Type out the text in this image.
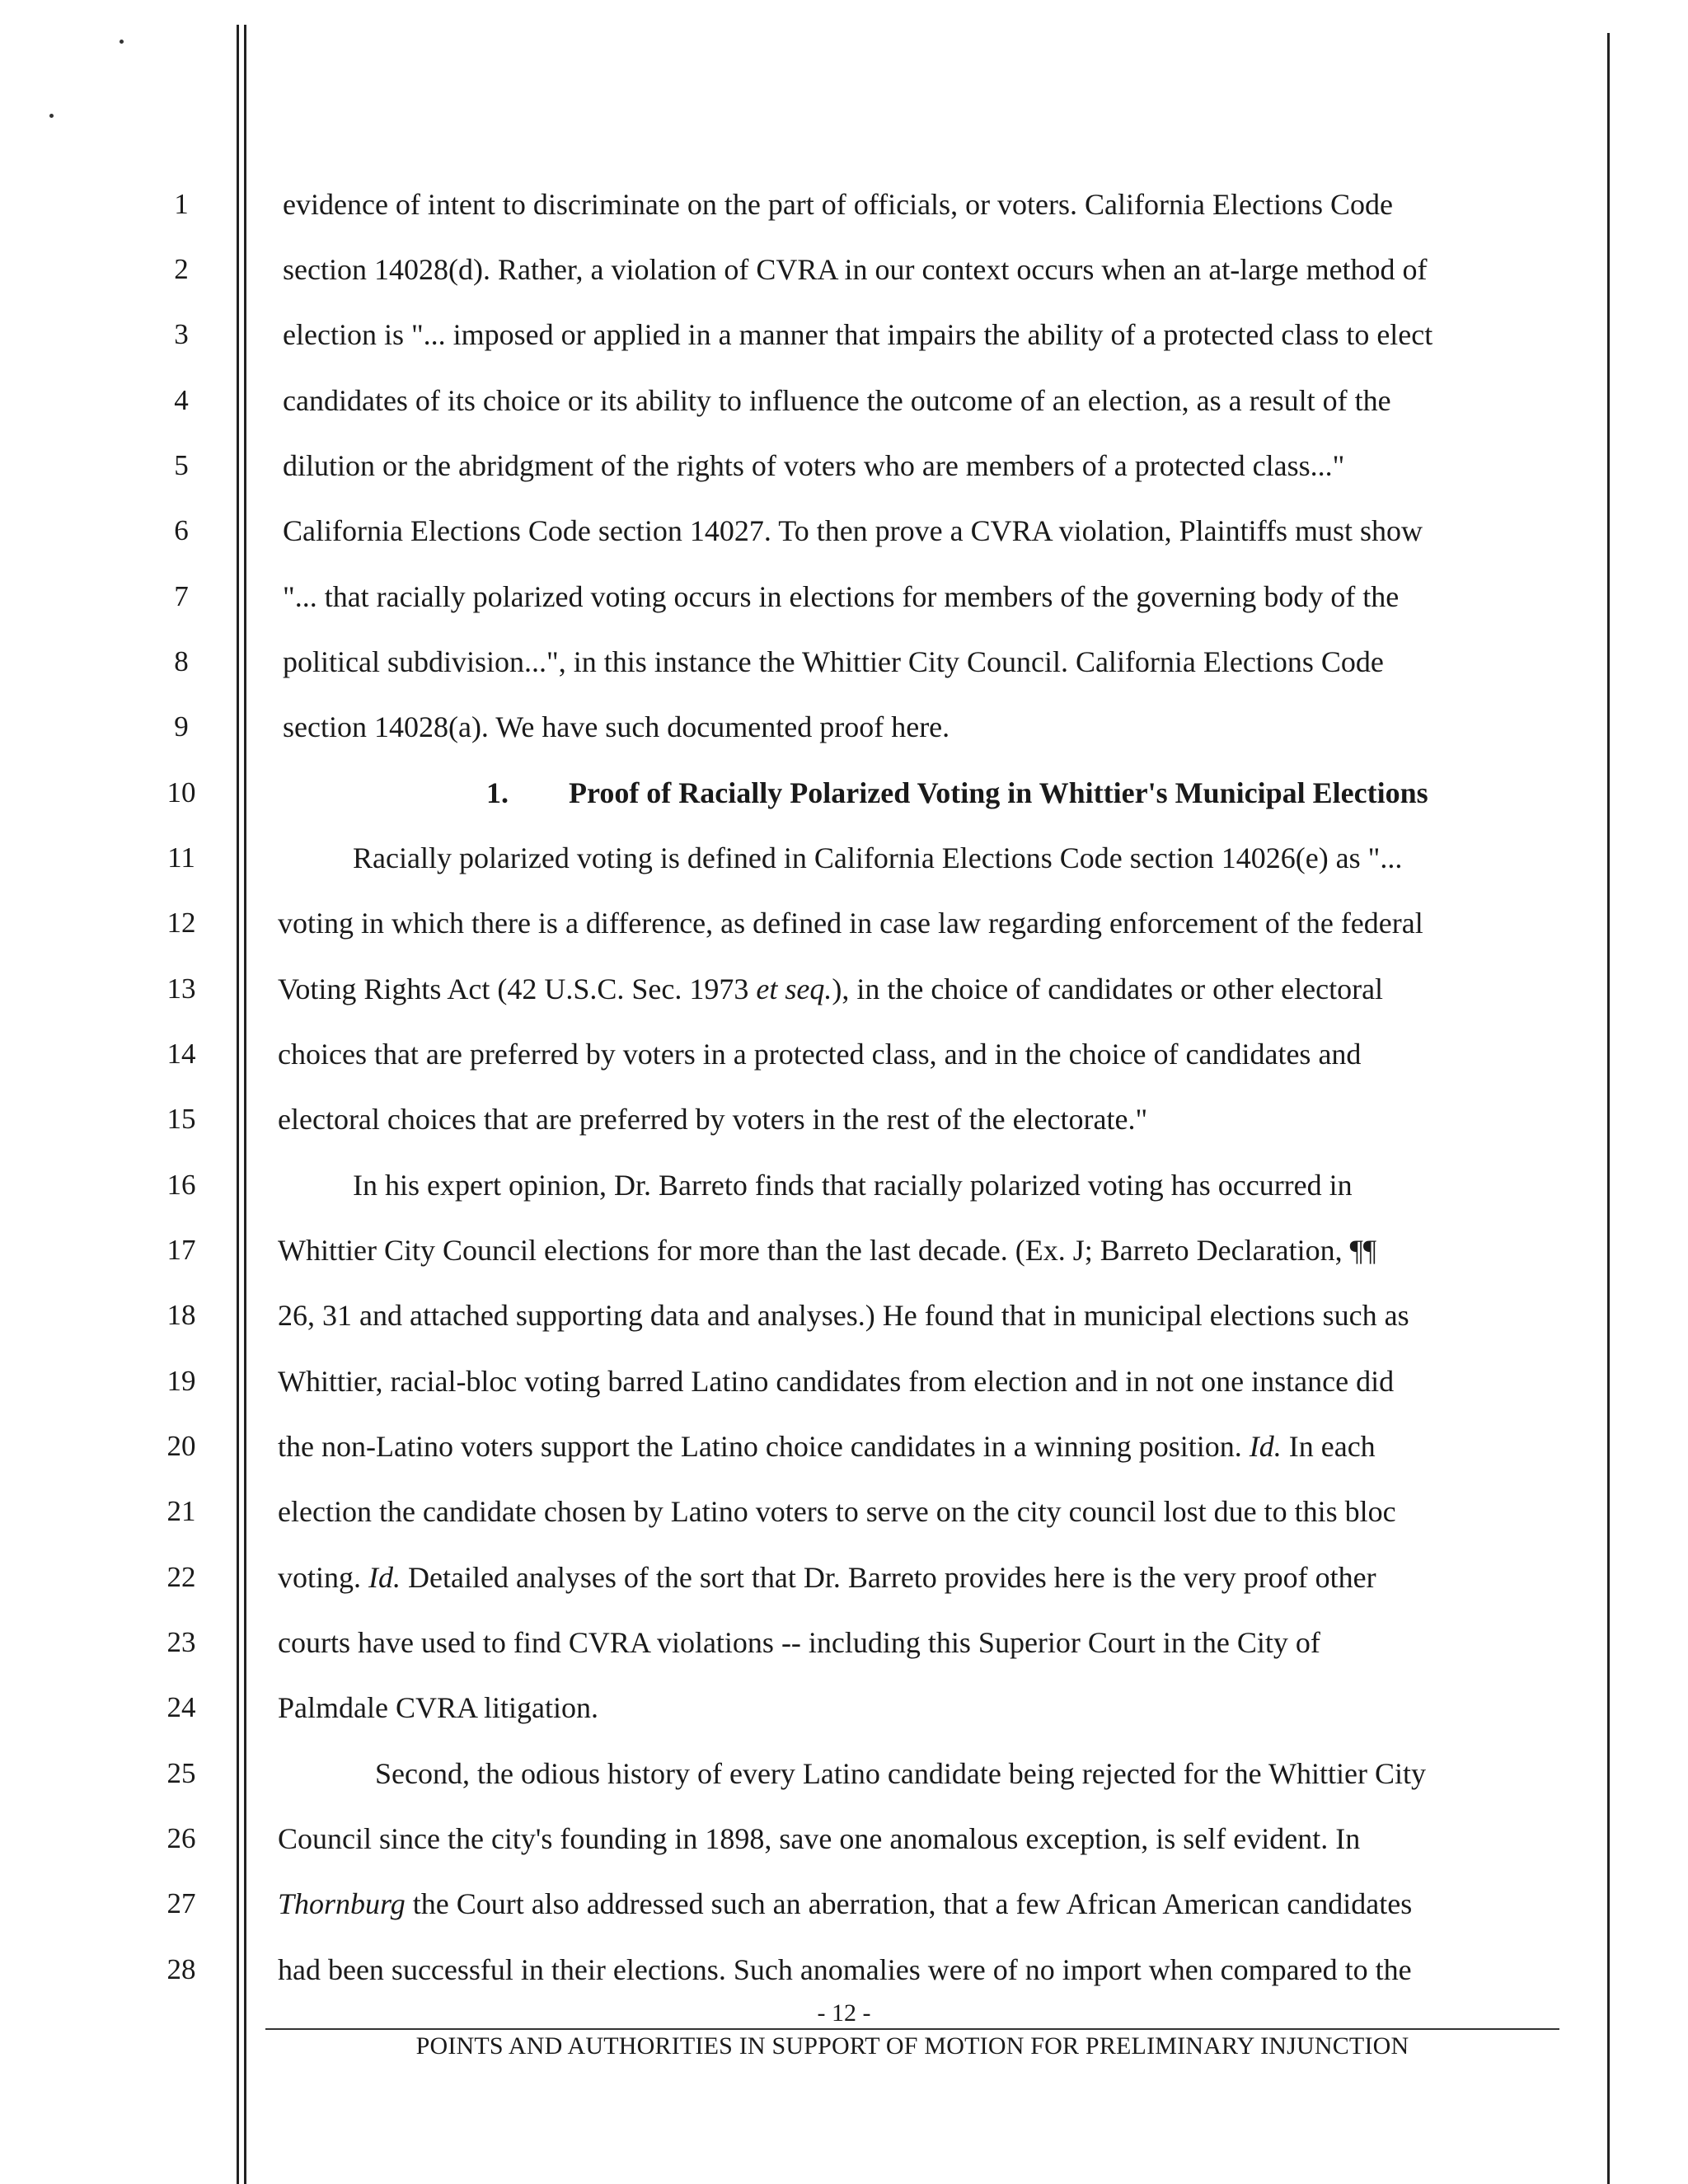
1
2
3
4
5
6
7
8
9
10
11
12
13
14
15
16
17
18
19
20
21
22
23
24
25
26
27
28
evidence of intent to discriminate on the part of officials, or voters. California Elections Code
section 14028(d). Rather, a violation of CVRA in our context occurs when an at-large method of
election is "... imposed or applied in a manner that impairs the ability of a protected class to elect
candidates of its choice or its ability to influence the outcome of an election, as a result of the
dilution or the abridgment of the rights of voters who are members of a protected class..."
California Elections Code section 14027. To then prove a CVRA violation, Plaintiffs must show
"... that racially polarized voting occurs in elections for members of the governing body of the
political subdivision...", in this instance the Whittier City Council. California Elections Code
section 14028(a). We have such documented proof here.
1. Proof of Racially Polarized Voting in Whittier's Municipal Elections
Racially polarized voting is defined in California Elections Code section 14026(e) as "...
voting in which there is a difference, as defined in case law regarding enforcement of the federal
Voting Rights Act (42 U.S.C. Sec. 1973 et seq.), in the choice of candidates or other electoral
choices that are preferred by voters in a protected class, and in the choice of candidates and
electoral choices that are preferred by voters in the rest of the electorate."
In his expert opinion, Dr. Barreto finds that racially polarized voting has occurred in
Whittier City Council elections for more than the last decade. (Ex. J; Barreto Declaration, ¶¶
26, 31 and attached supporting data and analyses.) He found that in municipal elections such as
Whittier, racial-bloc voting barred Latino candidates from election and in not one instance did
the non-Latino voters support the Latino choice candidates in a winning position. Id. In each
election the candidate chosen by Latino voters to serve on the city council lost due to this bloc
voting. Id. Detailed analyses of the sort that Dr. Barreto provides here is the very proof other
courts have used to find CVRA violations -- including this Superior Court in the City of
Palmdale CVRA litigation.
Second, the odious history of every Latino candidate being rejected for the Whittier City
Council since the city's founding in 1898, save one anomalous exception, is self evident. In
Thornburg the Court also addressed such an aberration, that a few African American candidates
had been successful in their elections. Such anomalies were of no import when compared to the
- 12 -
POINTS AND AUTHORITIES IN SUPPORT OF MOTION FOR PRELIMINARY INJUNCTION
